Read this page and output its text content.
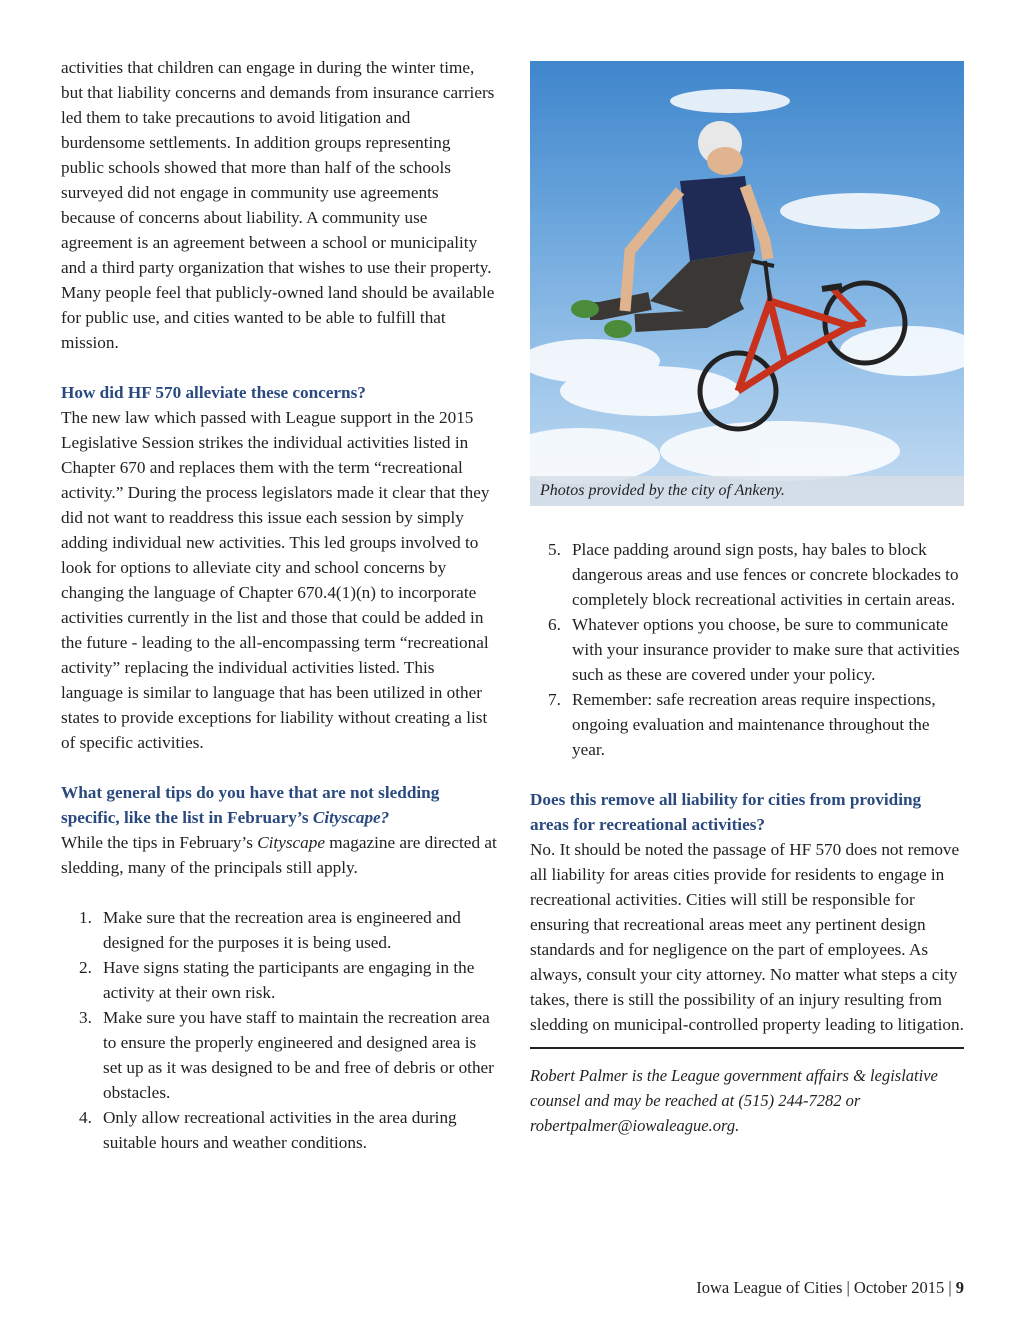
activities that children can engage in during the winter time, but that liability concerns and demands from insurance carriers led them to take precautions to avoid litigation and burdensome settlements. In addition groups representing public schools showed that more than half of the schools surveyed did not engage in community use agreements because of concerns about liability. A community use agreement is an agreement between a school or municipality and a third party organization that wishes to use their property. Many people feel that publicly-owned land should be available for public use, and cities wanted to be able to fulfill that mission.

How did HF 570 alleviate these concerns?

The new law which passed with League support in the 2015 Legislative Session strikes the individual activities listed in Chapter 670 and replaces them with the term “recreational activity.” During the process legislators made it clear that they did not want to readdress this issue each session by simply adding individual new activities. This led groups involved to look for options to alleviate city and school concerns by changing the language of Chapter 670.4(1)(n) to incorporate activities currently in the list and those that could be added in the future - leading to the all-encompassing term “recreational activity” replacing the individual activities listed. This language is similar to language that has been utilized in other states to provide exceptions for liability without creating a list of specific activities.

What general tips do you have that are not sledding specific, like the list in February’s Cityscape?

While the tips in February’s Cityscape magazine are directed at sledding, many of the principals still apply.

1. Make sure that the recreation area is engineered and designed for the purposes it is being used.
2. Have signs stating the participants are engaging in the activity at their own risk.
3. Make sure you have staff to maintain the recreation area to ensure the properly engineered and designed area is set up as it was designed to be and free of debris or other obstacles.
4. Only allow recreational activities in the area during suitable hours and weather conditions.
Photos provided by the city of Ankeny.
5. Place padding around sign posts, hay bales to block dangerous areas and use fences or concrete blockades to completely block recreational activities in certain areas.
6. Whatever options you choose, be sure to communicate with your insurance provider to make sure that activities such as these are covered under your policy.
7. Remember: safe recreation areas require inspections, ongoing evaluation and maintenance throughout the year.
Does this remove all liability for cities from providing areas for recreational activities?

No. It should be noted the passage of HF 570 does not remove all liability for areas cities provide for residents to engage in recreational activities. Cities will still be responsible for ensuring that recreational areas meet any pertinent design standards and for negligence on the part of employees. As always, consult your city attorney. No matter what steps a city takes, there is still the possibility of an injury resulting from sledding on municipal-controlled property leading to litigation.

Robert Palmer is the League government affairs & legislative counsel and may be reached at (515) 244-7282 or robertpalmer@iowaleague.org.

Iowa League of Cities | October 2015 | 9
